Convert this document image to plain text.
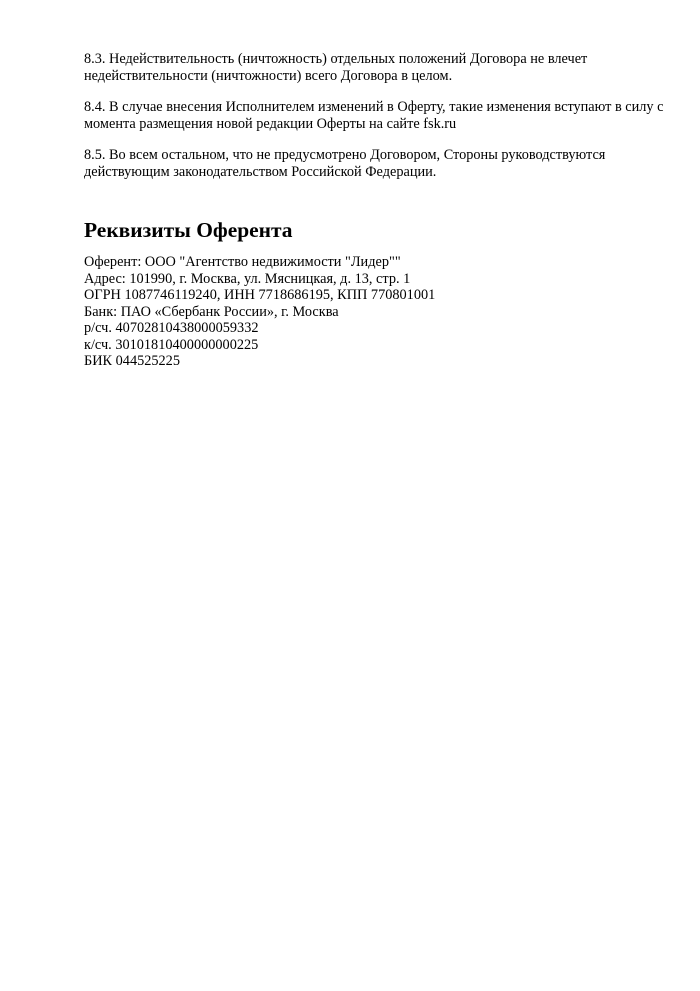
8.3. Недействительность (ничтожность) отдельных положений Договора не влечет
недействительности (ничтожности) всего Договора в целом.

8.4. В случае внесения Исполнителем изменений в Оферту, такие изменения вступают в силу с
момента размещения новой редакции Оферты на сайте fsk.ru

8.5. Во всем остальном, что не предусмотрено Договором, Стороны руководствуются
действующим законодательством Российской Федерации.

Реквизиты Оферента
Оферент: ООО "Агентство недвижимости "Лидер""
Адрес: 101990, г. Москва, ул. Мясницкая, д. 13, стр. 1
ОГРН 1087746119240, ИНН 7718686195, КПП 770801001
Банк: ПАО «Сбербанк России», г. Москва
р/сч. 40702810438000059332
к/сч. 30101810400000000225
БИК 044525225
